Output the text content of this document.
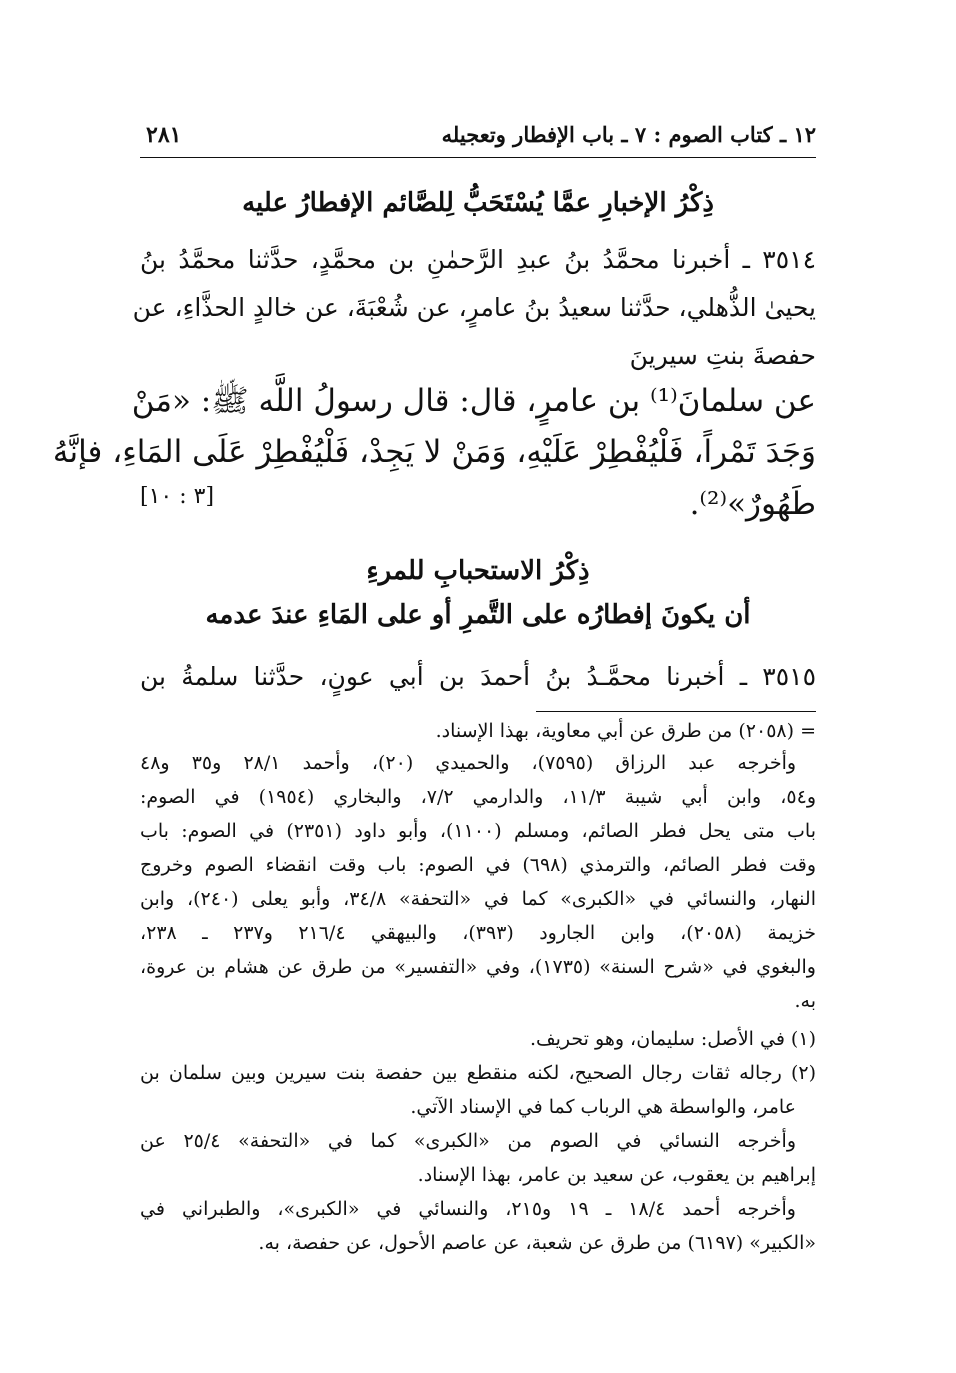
١٢ ـ كتاب الصوم : ٧ ـ باب الإفطار وتعجيله
٢٨١
ذِكْرُ الإخبارِ عمَّا يُسْتَحَبُّ لِلصَّائم الإفطارُ عليه
٣٥١٤ ـ أخبرنا محمَّدُ بنُ عبدِ الرَّحمٰنِ بن محمَّدٍ، حدَّثنا محمَّدُ بنُ
يحيىٰ الذُّهلي، حدَّثنا سعيدُ بنُ عامرٍ، عن شُعْبَةَ، عن خالدٍ الحذَّاءِ، عن
حفصةَ بنتِ سيرينَ
عن سلمانَ⁽¹⁾ بن عامرٍ، قال: قال رسولُ اللَّه ﷺ: «مَنْ
وَجَدَ تَمْراً، فَلْيُفْطِرْ عَلَيْهِ، وَمَنْ لا يَجِدْ، فَلْيُفْطِرْ عَلَى المَاءِ، فإنَّهُ
طَهُورٌ»⁽²⁾.
[٣ : ١٠]
ذِكْرُ الاستحبابِ للمرءِ
أن يكونَ إفطارُه على التَّمرِ أو على المَاءِ عندَ عدمه
٣٥١٥ ـ أخبرنا محمَّـدُ بنُ أحمدَ بن أبي عونٍ، حدَّثنا سلمةُ بن
= (٢٠٥٨) من طرق عن أبي معاوية، بهذا الإسناد.
وأخرجه عبد الرزاق (٧٥٩٥)، والحميدي (٢٠)، وأحمد ٢٨/١ و٣٥ و٤٨
و٥٤، وابن أبي شيبة ١١/٣، والدارمي ٧/٢، والبخاري (١٩٥٤) في الصوم:
باب متى يحل فطر الصائم، ومسلم (١١٠٠)، وأبو داود (٢٣٥١) في الصوم: باب
وقت فطر الصائم، والترمذي (٦٩٨) في الصوم: باب وقت انقضاء الصوم وخروج
النهار، والنسائي في «الكبرى» كما في «التحفة» ٣٤/٨، وأبو يعلى (٢٤٠)، وابن
خزيمة (٢٠٥٨)، وابن الجارود (٣٩٣)، والبيهقي ٢١٦/٤ و٢٣٧ ـ ٢٣٨،
والبغوي في «شرح السنة» (١٧٣٥)، وفي «التفسير» من طرق عن هشام بن عروة،
به.
(١) في الأصل: سليمان، وهو تحريف.
(٢) رجاله ثقات رجال الصحيح، لكنه منقطع بين حفصة بنت سيرين وبين سلمان بن
عامر، والواسطة هي الرباب كما في الإسناد الآتي.
وأخرجه النسائي في الصوم من «الكبرى» كما في «التحفة» ٢٥/٤ عن
إبراهيم بن يعقوب، عن سعيد بن عامر، بهذا الإسناد.
وأخرجه أحمد ١٨/٤ ـ ١٩ و٢١٥، والنسائي في «الكبرى»، والطبراني في
«الكبير» (٦١٩٧) من طرق عن شعبة، عن عاصم الأحول، عن حفصة، به.
